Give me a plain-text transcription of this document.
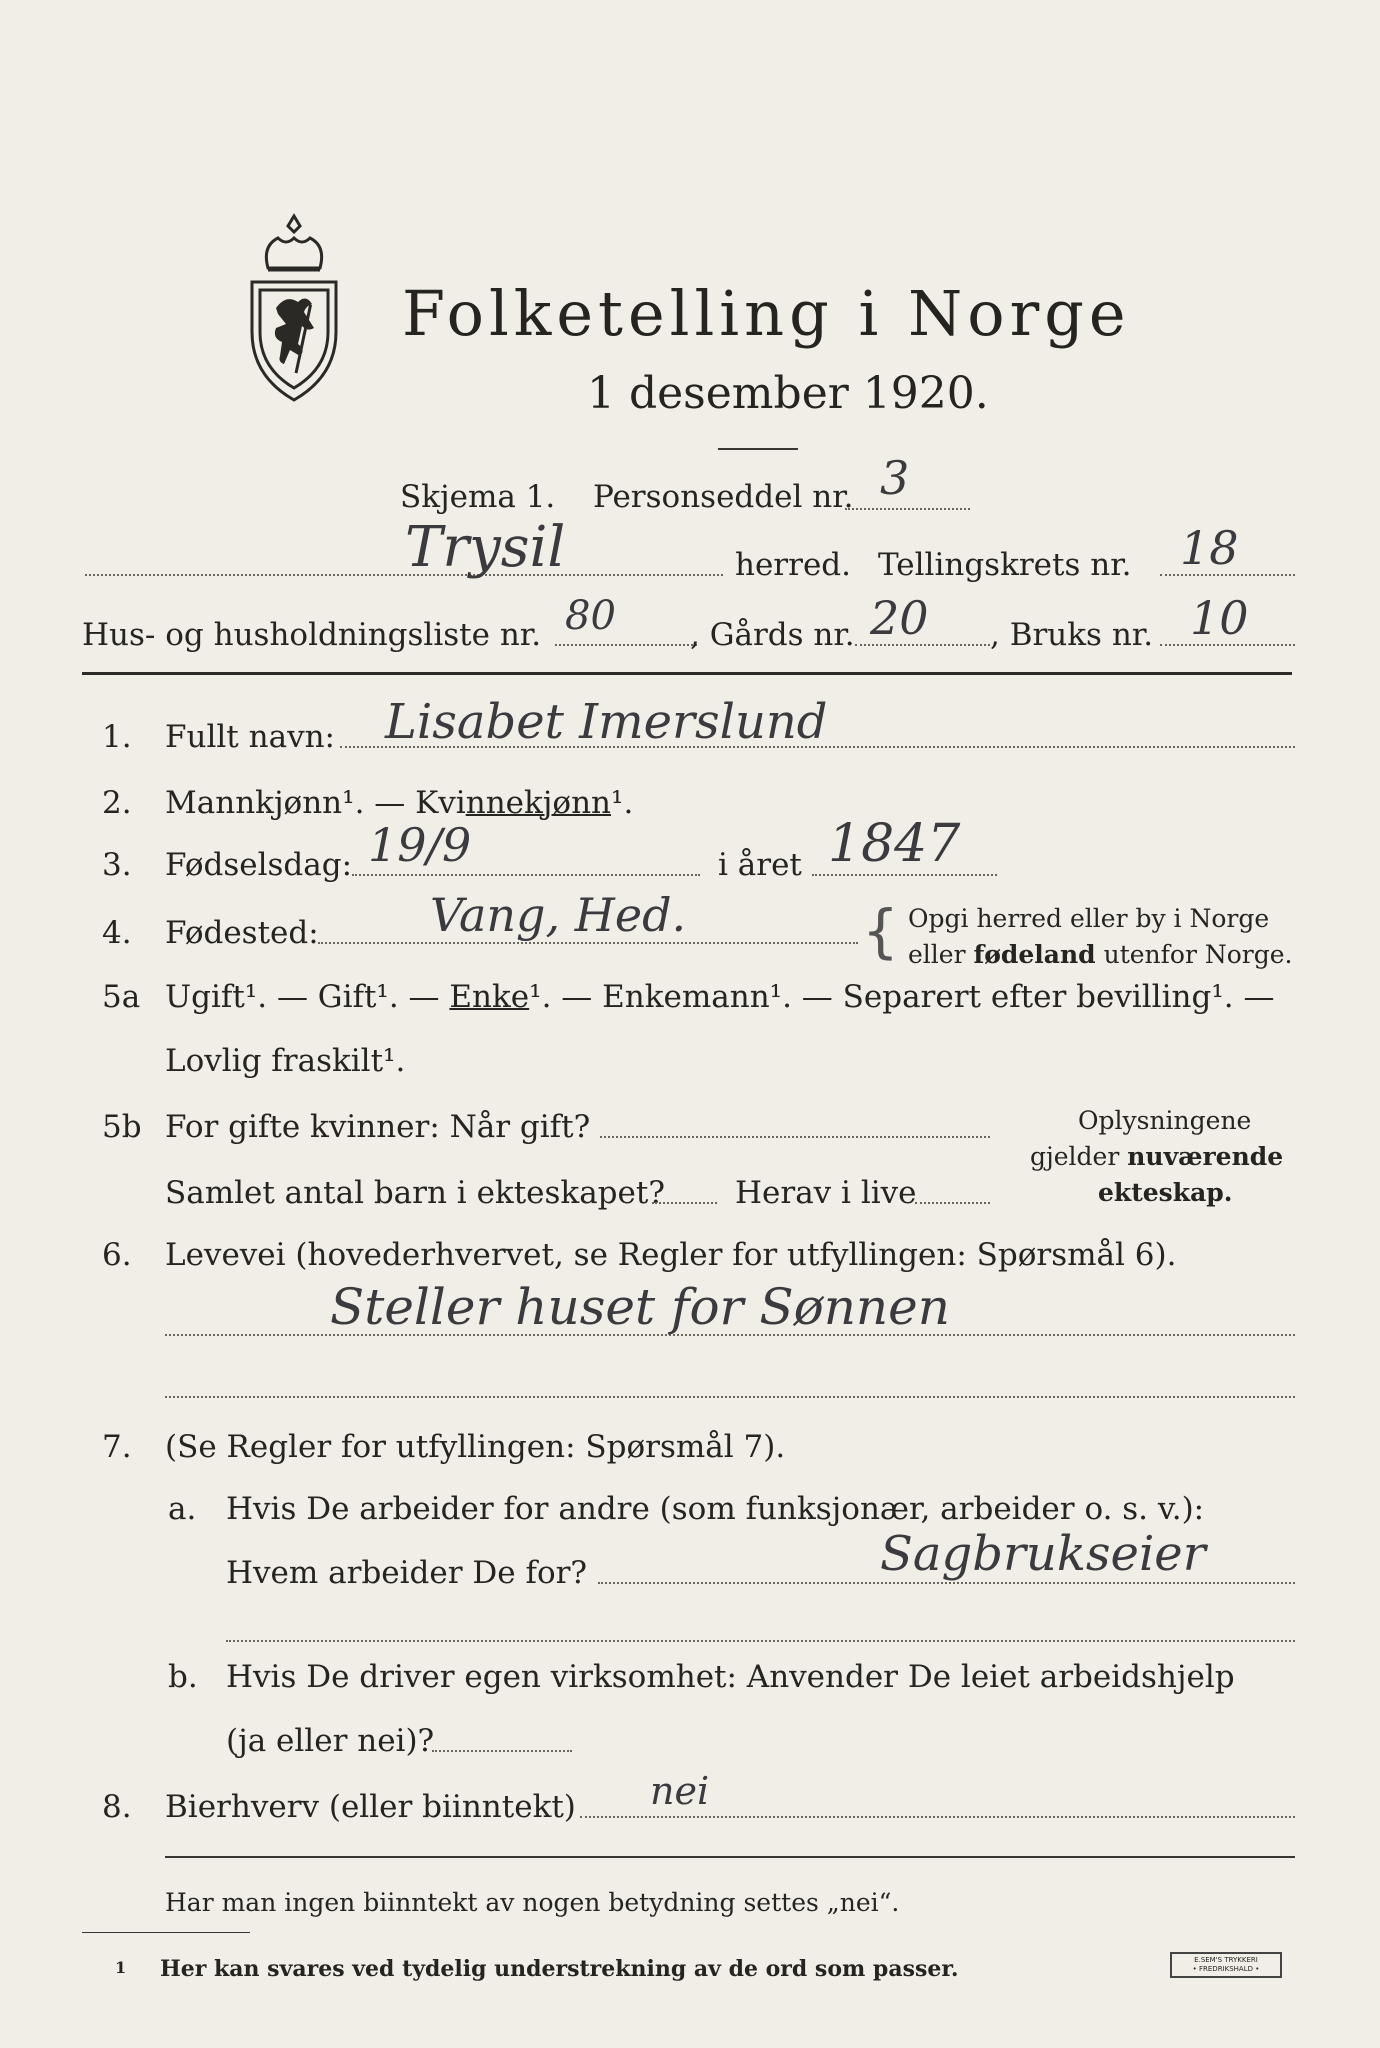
Folketelling i Norge
1 desember 1920.
Skjema 1. Personseddel nr. 3
Trysil	herred. Tellingskrets nr. 18
Hus- og husholdningsliste nr. 80 , Gårds nr. 20 , Bruks nr. 10
1. Fullt navn: Lisabet Imerslund
2. Mannkjønn¹. — Kvinnekjønn¹.
3. Fødselsdag: 19/9	i året 1847
4. Fødested: Vang, Hed.	{ Opgi herred eller by i Norge
eller fødeland utenfor Norge.
5a Ugift¹. — Gift¹. — Enke¹. — Enkemann¹. — Separert efter bevilling¹. —
Lovlig fraskilt¹.
5b For gifte kvinner: Når gift?
Samlet antal barn i ekteskapet? Herav i live
Oplysningene
gjelder nuværende
ekteskap.
6. Levevei (hovederhvervet, se Regler for utfyllingen: Spørsmål 6).
Steller huset for Sønnen
7. (Se Regler for utfyllingen: Spørsmål 7).
a. Hvis De arbeider for andre (som funksjonær, arbeider o. s. v.):
Hvem arbeider De for?	Sagbrukseier
b. Hvis De driver egen virksomhet: Anvender De leiet arbeidshjelp
(ja eller nei)?
8. Bierhverv (eller biinntekt) nei
Har man ingen biinntekt av nogen betydning settes „nei“.
1 Her kan svares ved tydelig understrekning av de ord som passer.	E.SEM'S TRYKKERI
• FREDRIKSHALD •
